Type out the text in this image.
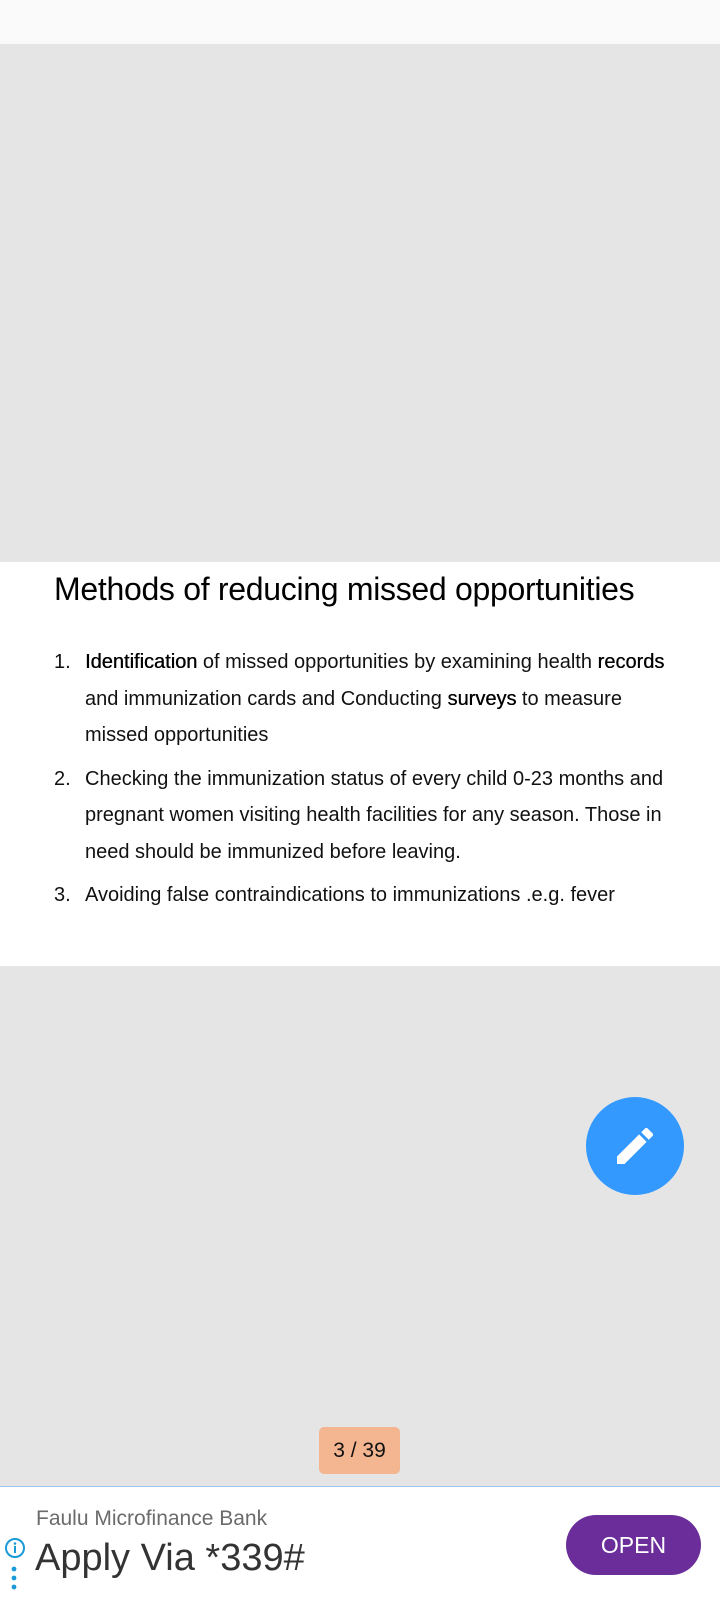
Methods of reducing missed opportunities
1. Identification of missed opportunities by examining health records and immunization cards and Conducting surveys to measure missed opportunities
2. Checking the immunization status of every child 0-23 months and pregnant women visiting health facilities for any season. Those in need should be immunized before leaving.
3. Avoiding false contraindications to immunizations .e.g. fever
3 / 39
Faulu Microfinance Bank
Apply Via *339#	OPEN
